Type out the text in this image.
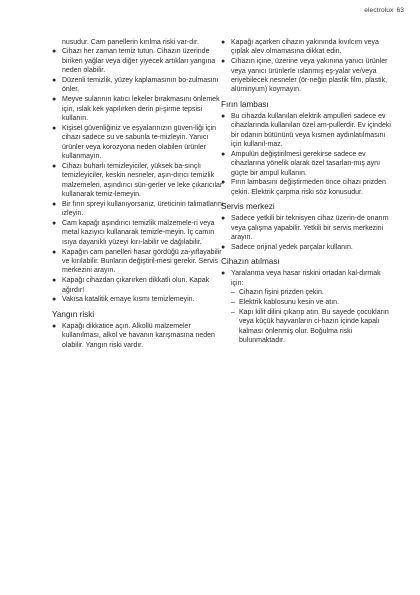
electrolux 63

nusudur. Cam panellerin kırılma riski var-dır.

● Cihazı her zaman temiz tutun. Cihazın üzerinde biriken yağlar veya diğer yiyecek artıkları yangına neden olabilir.
● Düzenli temizlik, yüzey kaplamasının bo-zulmasını önler.
● Meyve sularının katıcı lekeler bırakmasını önlemek için, ıslak kek yapılırken derin pi-şirme tepsisi kullanın.
● Kişisel güvenliğiniz ve eşyalarınızın güven-liği için cihazı sadece su ve sabunla te-mizleyin. Yanıcı ürünler veya korozyona neden olabilen ürünler kullanmayın.
● Cihazı buharlı temizleyiciler, yüksek ba-sınçlı temizleyiciler, keskin nesneler, aşın-dırıcı temizlik malzemeleri, aşındırıcı sün-gerler ve leke çıkarıcılar kullanarak temiz-lemeyin.
● Bir fırın spreyi kullanıyorsanız, üreticinin talimatlarını izleyin.
● Cam kapağı aşındırıcı temizlik malzemele-ri veya metal kazıyıcı kullanarak temizle-meyin. İç camın ısıya dayanıklı yüzeyi kırı-labilir ve dağılabilir.
● Kapağın cam panelleri hasar gördüğü za-yıflayabilir ve kırılabilir. Bunların değiştiril-mesi gerekir. Servis merkezini arayın.
● Kapağı cihazdan çıkarırken dikkatli olun. Kapak ağırdır!
● Vakısa katalitik emaye kısmı temizlemeyin.
Yangın riski
● Kapağı dikkatice açın. Alkollü malzemeler kullanılması, alkol ve havanın karışmasına neden olabilir. Yangın riski vardır.
● Kapağı açarken cihazın yakınında kıvılcım veya çıplak alev olmamasına dikkat edin.
● Cihazın içine, üzerine veya yakınına yanıcı ürünler veya yanıcı ürünlerle ıslanmış eş-yalar ve/veya eriyebilecek nesneler (ör-neğin plastik film, plastik, alüminyum) koymayın.
Fırın lambası
● Bu cihazda kullanılan elektrik ampulleri sadece ev cihazlarında kullanılan özel am-pullerdir. Ev içindeki bir odanın bütününü veya kısmen aydınlatılmasını için kullanıl-maz.
● Ampulün değiştirilmesi gerekirse sadece ev cihazlarına yönelik olarak özel tasarlan-mış aynı güçte bir ampul kullanın.
● Fırın lambasını değiştirmeden önce cihazı prizden çekin. Elektrik çarpma riski söz konusudur.
Servis merkezi
● Sadece yetkili bir teknisyen cihaz üzerin-de onarım veya çalışma yapabilir. Yetkili bir servis merkezini arayın.
● Sadece orijinal yedek parçalar kullanın.
Cihazın atılması
● Yaralanma veya hasar riskini ortadan kal-dırmak için:
– Cihazın fişini prizden çekin.
– Elektrik kablosunu kesin ve atın.
– Kapı kilit dilini çıkarıp atın. Bu sayede çocukların veya küçük hayvanların ci-hazın içinde kapalı kalması önlenmiş olur. Boğulma riski bulunmaktadır.
